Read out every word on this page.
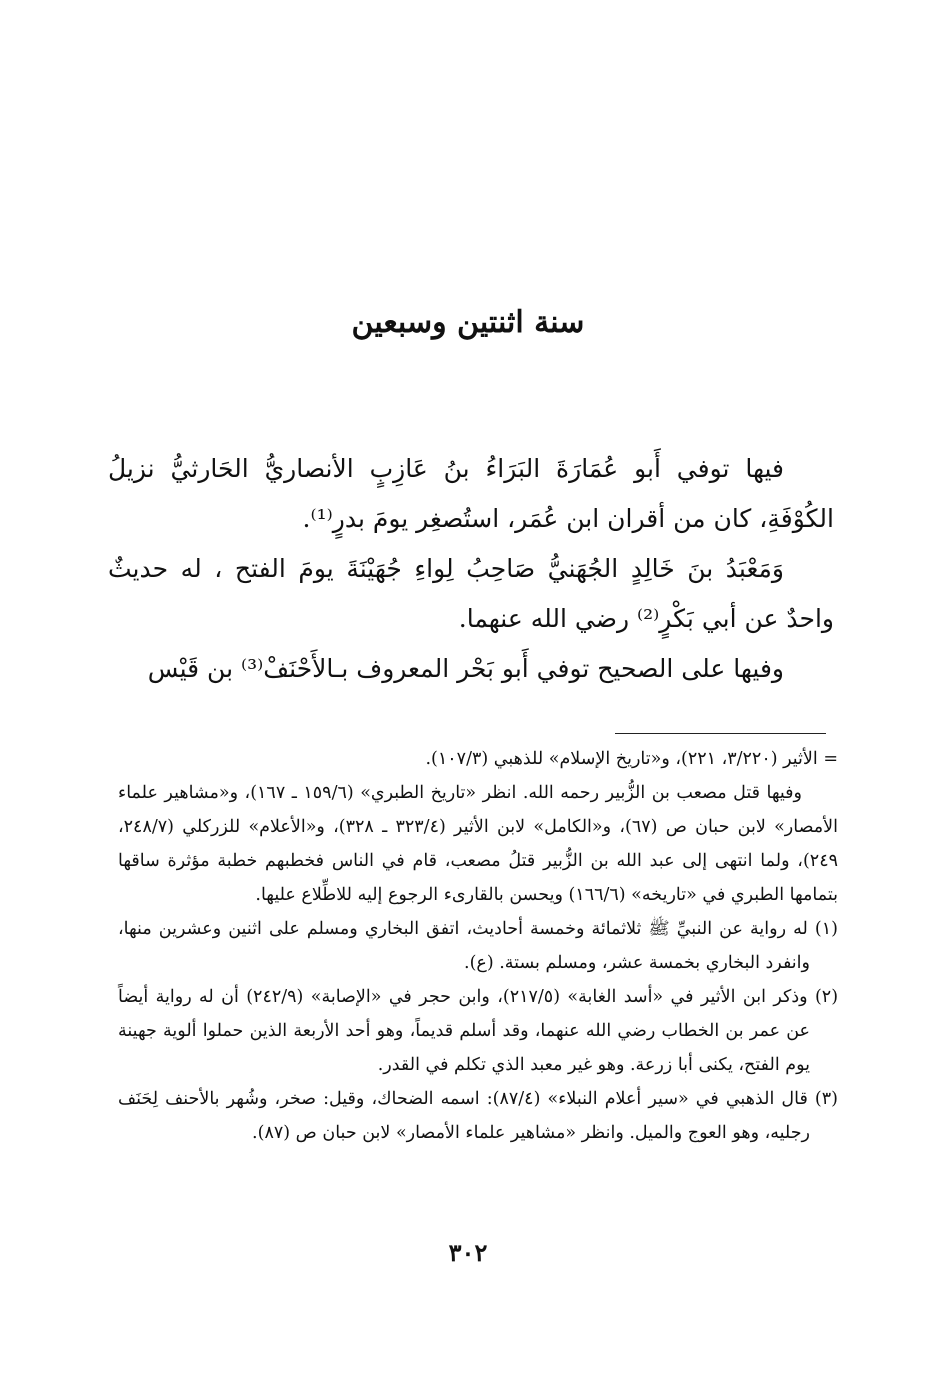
سنة اثنتين وسبعين

فيها توفي أَبو عُمَارَةَ البَرَاءُ بنُ عَازِبٍ الأنصاريُّ الحَارثيُّ نزيلُ الكُوْفَةِ، كان من أقران ابن عُمَر، استُصغِر يومَ بدرٍ⁽¹⁾.

وَمَعْبَدُ بنَ خَالِدٍ الجُهَنيُّ صَاحِبُ لِواءِ جُهَيْنَةَ يومَ الفتح ، له حديثٌ واحدٌ عن أبي بَكْرٍ⁽²⁾ رضي الله عنهما.

وفيها على الصحيح توفي أَبو بَحْر المعروف بـالأَحْنَفْ⁽³⁾ بن قَيْس

= الأثير (٣/٢٢٠، ٢٢١)، و«تاريخ الإسلام» للذهبي (١٠٧/٣).

وفيها قتل مصعب بن الزُّبير رحمه الله. انظر «تاريخ الطبري» (١٥٩/٦ ـ ١٦٧)، و«مشاهير علماء الأمصار» لابن حبان ص (٦٧)، و«الكامل» لابن الأثير (٣٢٣/٤ ـ ٣٢٨)، و«الأعلام» للزركلي (٢٤٨/٧، ٢٤٩)، ولما انتهى إلى عبد الله بن الزُّبير قتلُ مصعب، قام في الناس فخطبهم خطبة مؤثرة ساقها بتمامها الطبري في «تاريخه» (١٦٦/٦) ويحسن بالقارىء الرجوع إليه للاطِّلاع عليها.

(١) له رواية عن النبيِّ ﷺ ثلاثمائة وخمسة أحاديث، اتفق البخاري ومسلم على اثنين وعشرين منها، وانفرد البخاري بخمسة عشر، ومسلم بستة. (ع).

(٢) وذكر ابن الأثير في «أسد الغابة» (٢١٧/٥)، وابن حجر في «الإصابة» (٢٤٢/٩) أن له رواية أيضاً عن عمر بن الخطاب رضي الله عنهما، وقد أسلم قديماً، وهو أحد الأربعة الذين حملوا ألوية جهينة يوم الفتح، يكنى أبا زرعة. وهو غير معبد الذي تكلم في القدر.

(٣) قال الذهبي في «سير أعلام النبلاء» (٨٧/٤): اسمه الضحاك، وقيل: صخر، وشُهر بالأحنف لِحَنَف رجليه، وهو العوج والميل. وانظر «مشاهير علماء الأمصار» لابن حبان ص (٨٧).

٣٠٢
